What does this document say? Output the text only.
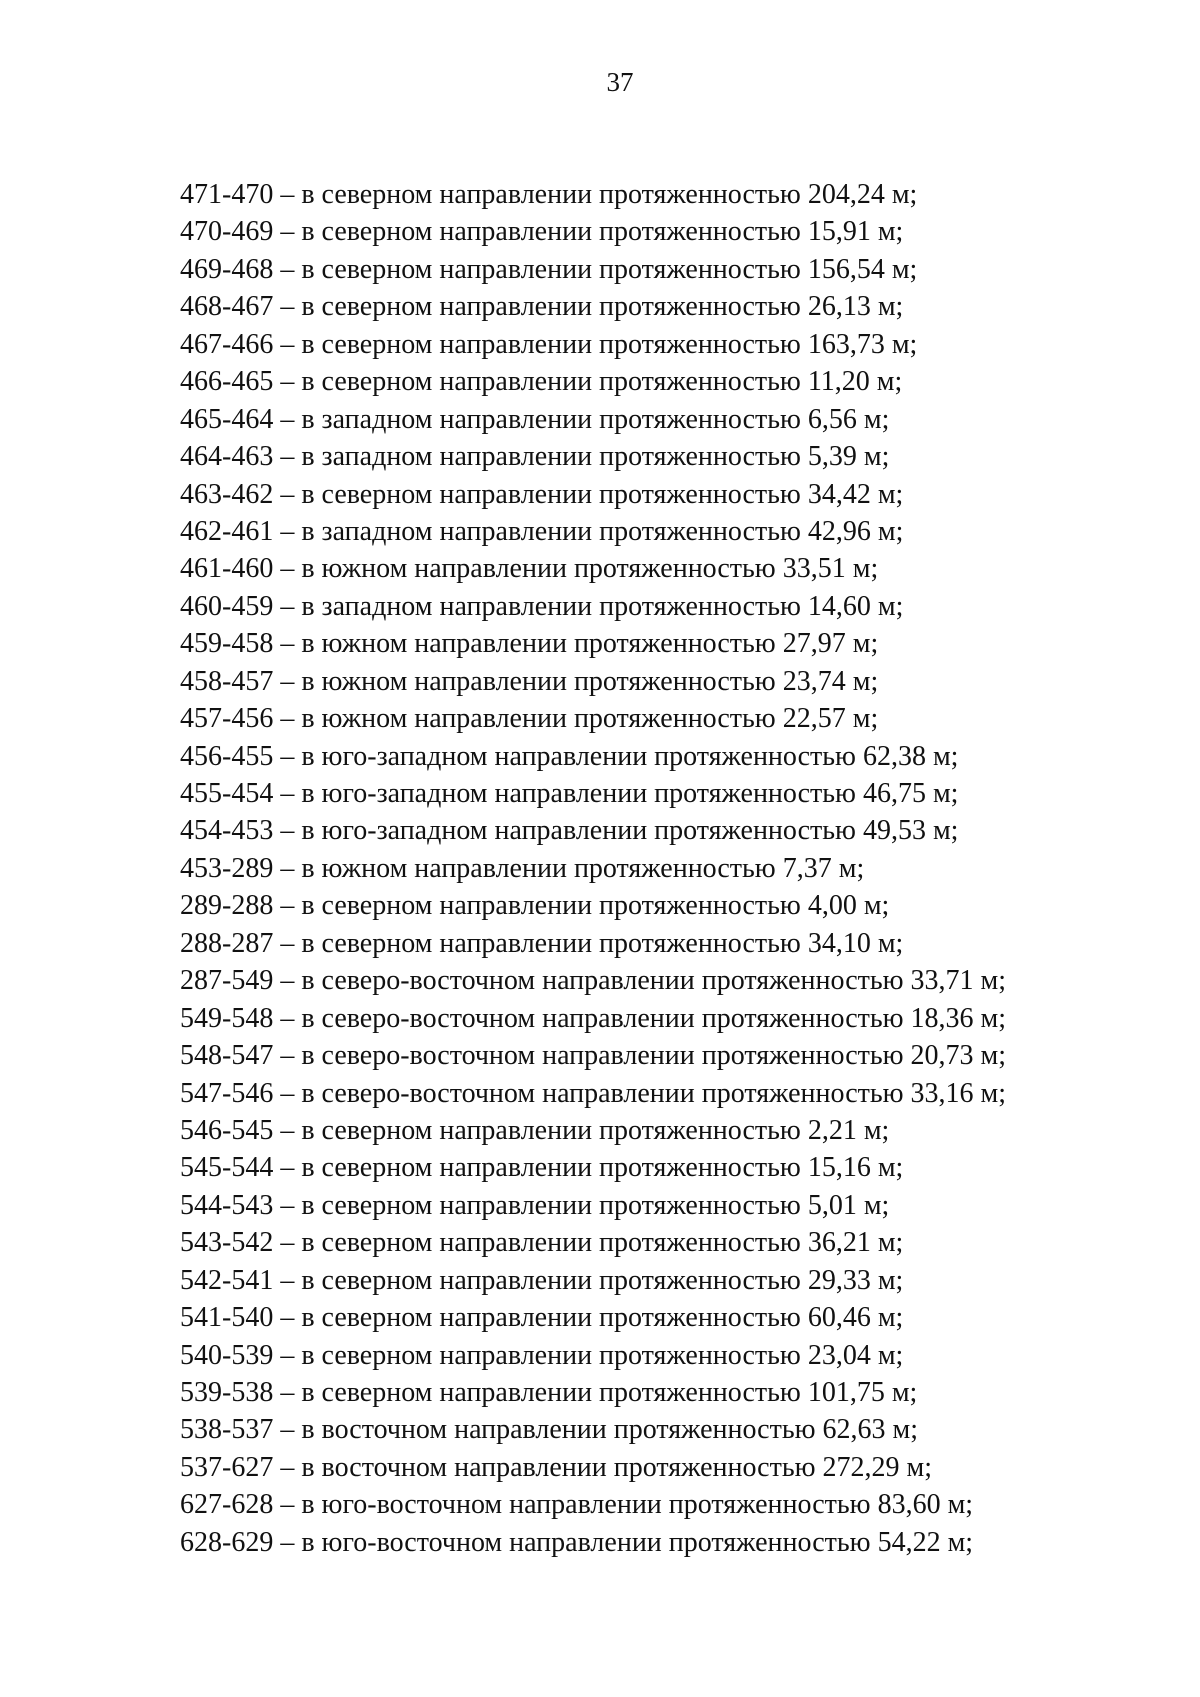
37
471-470 – в северном направлении протяженностью 204,24 м;
470-469 – в северном направлении протяженностью 15,91 м;
469-468 – в северном направлении протяженностью 156,54 м;
468-467 – в северном направлении протяженностью 26,13 м;
467-466 – в северном направлении протяженностью 163,73 м;
466-465 – в северном направлении протяженностью 11,20 м;
465-464 – в западном направлении протяженностью 6,56 м;
464-463 – в западном направлении протяженностью 5,39 м;
463-462 – в северном направлении протяженностью 34,42 м;
462-461 – в западном направлении протяженностью 42,96 м;
461-460 – в южном направлении протяженностью 33,51 м;
460-459 – в западном направлении протяженностью 14,60 м;
459-458 – в южном направлении протяженностью 27,97 м;
458-457 – в южном направлении протяженностью 23,74 м;
457-456 – в южном направлении протяженностью 22,57 м;
456-455 – в юго-западном направлении протяженностью 62,38 м;
455-454 – в юго-западном направлении протяженностью 46,75 м;
454-453 – в юго-западном направлении протяженностью 49,53 м;
453-289 – в южном направлении протяженностью 7,37 м;
289-288 – в северном направлении протяженностью 4,00 м;
288-287 – в северном направлении протяженностью 34,10 м;
287-549 – в северо-восточном направлении протяженностью 33,71 м;
549-548 – в северо-восточном направлении протяженностью 18,36 м;
548-547 – в северо-восточном направлении протяженностью 20,73 м;
547-546 – в северо-восточном направлении протяженностью 33,16 м;
546-545 – в северном направлении протяженностью 2,21 м;
545-544 – в северном направлении протяженностью 15,16 м;
544-543 – в северном направлении протяженностью 5,01 м;
543-542 – в северном направлении протяженностью 36,21 м;
542-541 – в северном направлении протяженностью 29,33 м;
541-540 – в северном направлении протяженностью 60,46 м;
540-539 – в северном направлении протяженностью 23,04 м;
539-538 – в северном направлении протяженностью 101,75 м;
538-537 – в восточном направлении протяженностью 62,63 м;
537-627 – в восточном направлении протяженностью 272,29 м;
627-628 – в юго-восточном направлении протяженностью 83,60 м;
628-629 – в юго-восточном направлении протяженностью 54,22 м;
